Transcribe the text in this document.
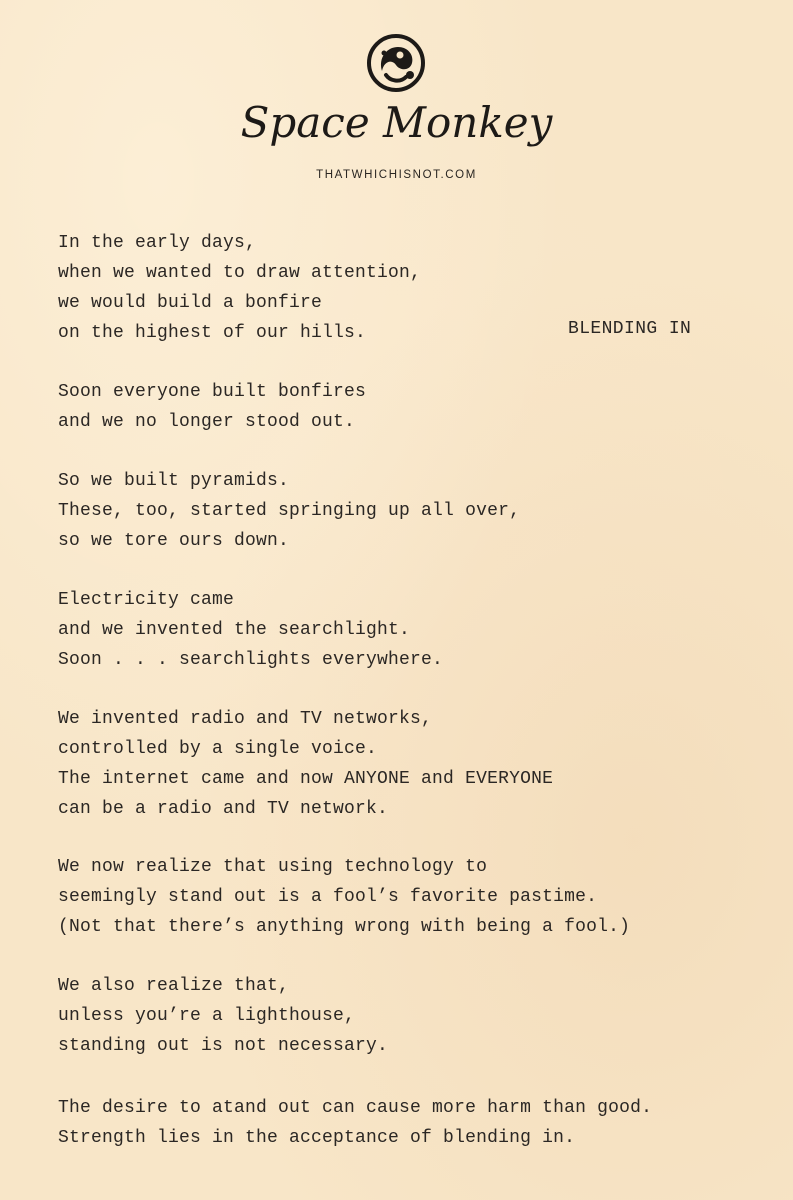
Space Monkey
THATWHICHISNOT.COM
BLENDING IN
In the early days,
when we wanted to draw attention,
we would build a bonfire
on the highest of our hills.
Soon everyone built bonfires
and we no longer stood out.
So we built pyramids.
These, too, started springing up all over,
so we tore ours down.
Electricity came
and we invented the searchlight.
Soon . . . searchlights everywhere.
We invented radio and TV networks,
controlled by a single voice.
The internet came and now ANYONE and EVERYONE
can be a radio and TV network.
We now realize that using technology to
seemingly stand out is a fool’s favorite pastime.
(Not that there’s anything wrong with being a fool.)
We also realize that,
unless you’re a lighthouse,
standing out is not necessary.
The desire to atand out can cause more harm than good.
Strength lies in the acceptance of blending in.
